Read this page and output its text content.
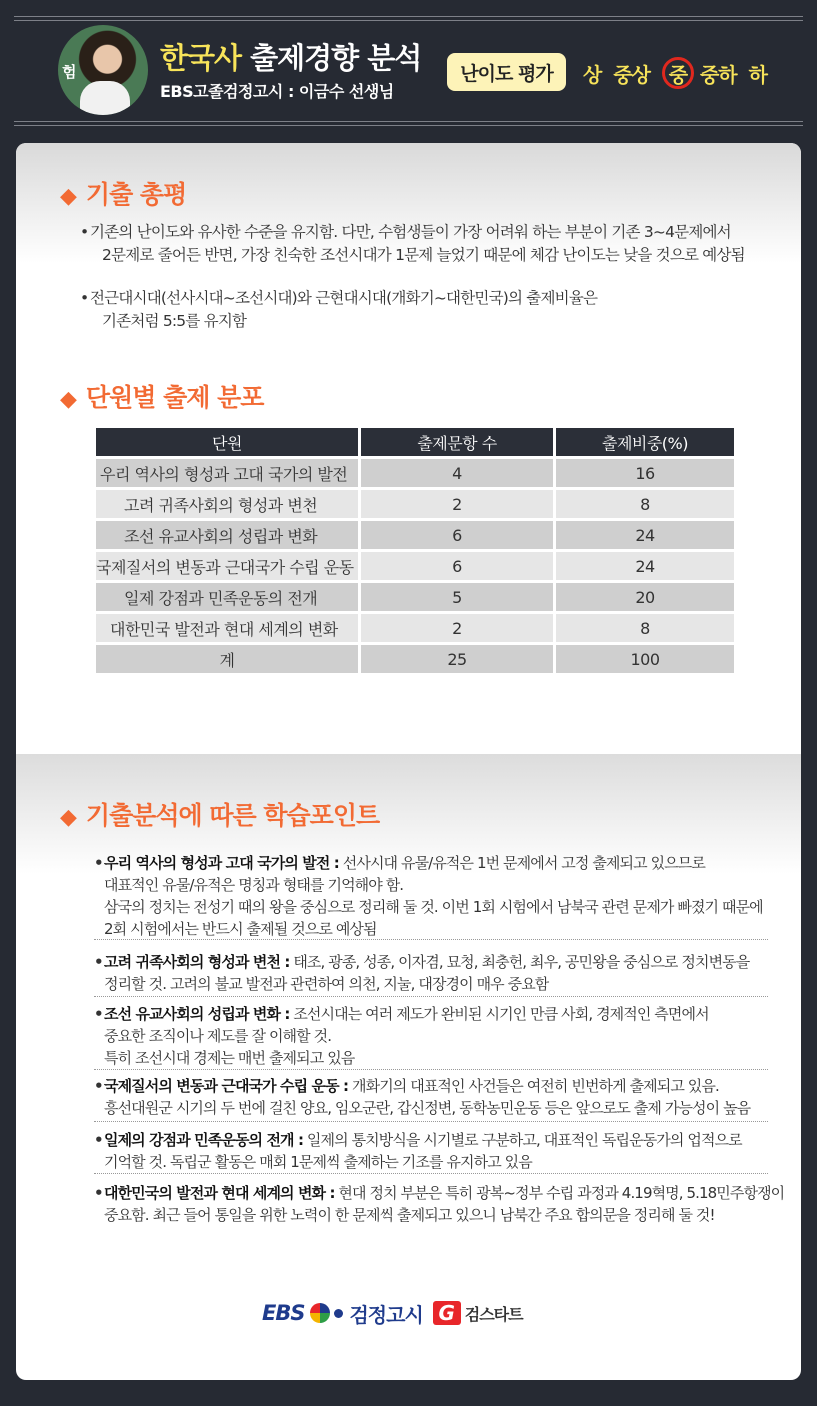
험	한국사 출제경향 분석
EBS고졸검정고시 : 이금수 선생님
난이도 평가	상 중상 중 중하 하
◆ 기출 총평
• 기존의 난이도와 유사한 수준을 유지함. 다만, 수험생들이 가장 어려워 하는 부분이 기존 3~4문제에서
2문제로 줄어든 반면, 가장 친숙한 조선시대가 1문제 늘었기 때문에 체감 난이도는 낮을 것으로 예상됨
• 전근대시대(선사시대~조선시대)와 근현대시대(개화기~대한민국)의 출제비율은
기존처럼 5:5를 유지함
◆ 단원별 출제 분포
단원	출제문항 수	출제비중(%)
우리 역사의 형성과 고대 국가의 발전	4	16
고려 귀족사회의 형성과 변천	2	8
조선 유교사회의 성립과 변화	6	24
국제질서의 변동과 근대국가 수립 운동	6	24
일제 강점과 민족운동의 전개	5	20
대한민국 발전과 현대 세계의 변화	2	8
계	25	100
◆ 기출분석에 따른 학습포인트
• 우리 역사의 형성과 고대 국가의 발전 : 선사시대 유물/유적은 1번 문제에서 고정 출제되고 있으므로
대표적인 유물/유적은 명칭과 형태를 기억해야 함.
삼국의 정치는 전성기 때의 왕을 중심으로 정리해 둘 것. 이번 1회 시험에서 남북국 관련 문제가 빠졌기 때문에
2회 시험에서는 반드시 출제될 것으로 예상됨
• 고려 귀족사회의 형성과 변천 : 태조, 광종, 성종, 이자겸, 묘청, 최충헌, 최우, 공민왕을 중심으로 정치변동을
정리할 것. 고려의 불교 발전과 관련하여 의천, 지눌, 대장경이 매우 중요함
• 조선 유교사회의 성립과 변화 : 조선시대는 여러 제도가 완비된 시기인 만큼 사회, 경제적인 측면에서
중요한 조직이나 제도를 잘 이해할 것.
특히 조선시대 경제는 매번 출제되고 있음
• 국제질서의 변동과 근대국가 수립 운동 : 개화기의 대표적인 사건들은 여전히 빈번하게 출제되고 있음.
흥선대원군 시기의 두 번에 걸친 양요, 임오군란, 갑신정변, 동학농민운동 등은 앞으로도 출제 가능성이 높음
• 일제의 강점과 민족운동의 전개 : 일제의 통치방식을 시기별로 구분하고, 대표적인 독립운동가의 업적으로
기억할 것. 독립군 활동은 매회 1문제씩 출제하는 기조를 유지하고 있음
• 대한민국의 발전과 현대 세계의 변화 : 현대 정치 부분은 특히 광복~정부 수립 과정과 4.19혁명, 5.18민주항쟁이
중요함. 최근 들어 통일을 위한 노력이 한 문제씩 출제되고 있으니 남북간 주요 합의문을 정리해 둘 것!
EBS 검정고시 G 검스타트
